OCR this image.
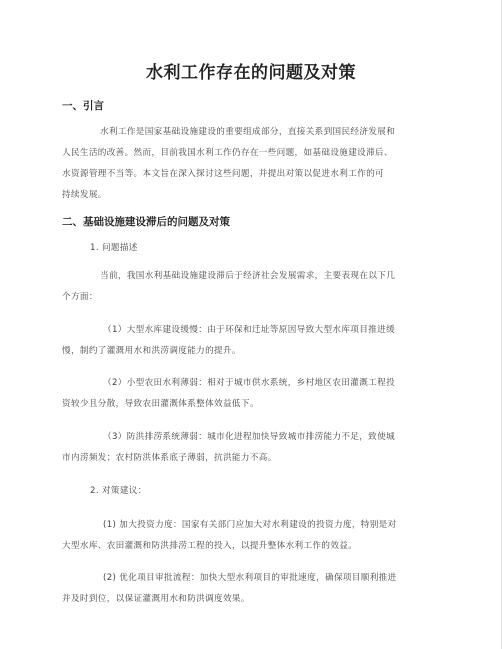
水利工作存在的问题及对策
一、引言

水利工作是国家基础设施建设的重要组成部分，直接关系到国民经济发展和

人民生活的改善。然而，目前我国水利工作仍存在一些问题，如基础设施建设滞后、

水资源管理不当等。本文旨在深入探讨这些问题，并提出对策以促进水利工作的可

持续发展。

二、基础设施建设滞后的问题及对策

1. 问题描述

当前，我国水利基础设施建设滞后于经济社会发展需求，主要表现在以下几

个方面：

（1）大型水库建设缓慢：由于环保和迁址等原因导致大型水库项目推进缓

慢，制约了灌溉用水和洪涝调度能力的提升。

（2）小型农田水利薄弱：相对于城市供水系统，乡村地区农田灌溉工程投

资较少且分散，导致农田灌溉体系整体效益低下。

（3）防洪排涝系统薄弱：城市化进程加快导致城市排涝能力不足，致使城

市内涝频发；农村防洪体系底子薄弱，抗洪能力不高。

2. 对策建议：

(1) 加大投资力度：国家有关部门应加大对水利建设的投资力度，特别是对

大型水库、农田灌溉和防洪排涝工程的投入，以提升整体水利工作的效益。

(2) 优化项目审批流程：加快大型水利项目的审批速度，确保项目顺利推进

并及时到位，以保证灌溉用水和防洪调度效果。
